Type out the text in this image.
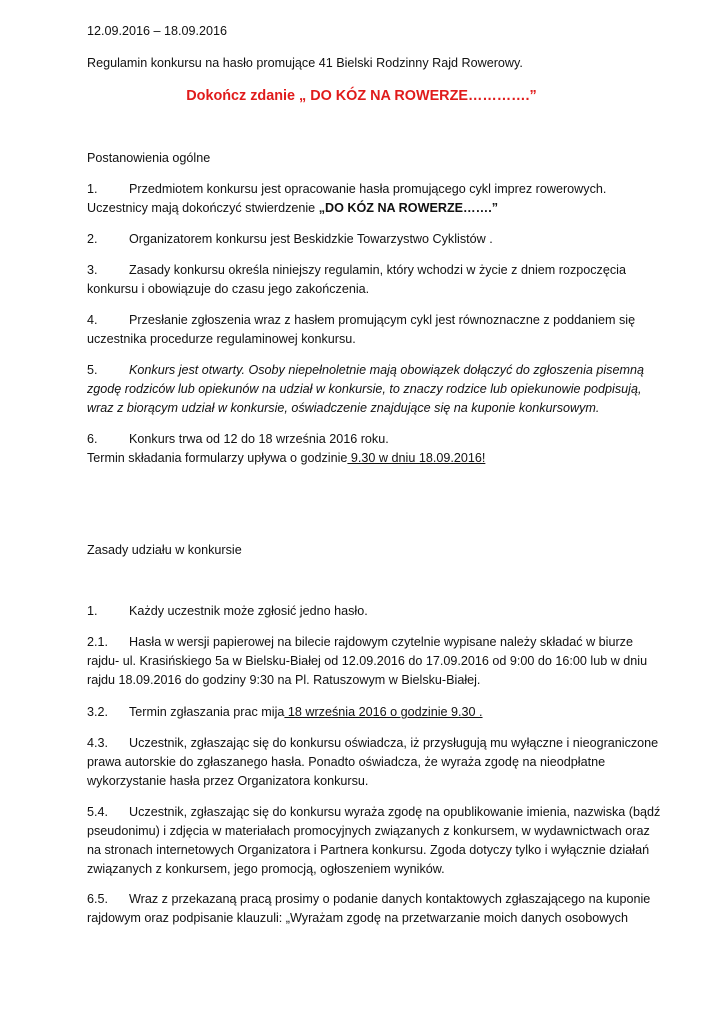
12.09.2016 – 18.09.2016
Regulamin konkursu na hasło promujące 41 Bielski Rodzinny Rajd Rowerowy.
Dokończ zdanie „ DO KÓZ NA ROWERZE………….”
Postanowienia ogólne
1. Przedmiotem konkursu jest opracowanie hasła promującego cykl imprez rowerowych.
Uczestnicy mają dokończyć stwierdzenie „DO KÓZ NA ROWERZE…….”
2. Organizatorem konkursu jest Beskidzkie Towarzystwo Cyklistów .
3. Zasady konkursu określa niniejszy regulamin, który wchodzi w życie z dniem rozpoczęcia
konkursu i obowiązuje do czasu jego zakończenia.
4. Przesłanie zgłoszenia wraz z hasłem promującym cykl jest równoznaczne z poddaniem się
uczestnika procedurze regulaminowej konkursu.
5. Konkurs jest otwarty. Osoby niepełnoletnie mają obowiązek dołączyć do zgłoszenia pisemną
zgodę rodziców lub opiekunów na udział w konkursie, to znaczy rodzice lub opiekunowie podpisują,
wraz z biorącym udział w konkursie, oświadczenie znajdujące się na kuponie konkursowym.
6. Konkurs trwa od 12 do 18 września 2016 roku.
Termin składania formularzy upływa o godzinie 9.30 w dniu 18.09.2016!
Zasady udziału w konkursie
1. Każdy uczestnik może zgłosić jedno hasło.
2.1. Hasła w wersji papierowej na bilecie rajdowym czytelnie wypisane należy składać w biurze
rajdu- ul. Krasińskiego 5a w Bielsku-Białej od 12.09.2016 do 17.09.2016 od 9:00 do 16:00 lub w dniu
rajdu 18.09.2016 do godziny 9:30 na Pl. Ratuszowym w Bielsku-Białej.
3.2. Termin zgłaszania prac mija 18 września 2016 o godzinie 9.30 .
4.3. Uczestnik, zgłaszając się do konkursu oświadcza, iż przysługują mu wyłączne i nieograniczone
prawa autorskie do zgłaszanego hasła. Ponadto oświadcza, że wyraża zgodę na nieodpłatne
wykorzystanie hasła przez Organizatora konkursu.
5.4. Uczestnik, zgłaszając się do konkursu wyraża zgodę na opublikowanie imienia, nazwiska (bądź
pseudonimu) i zdjęcia w materiałach promocyjnych związanych z konkursem, w wydawnictwach oraz
na stronach internetowych Organizatora i Partnera konkursu. Zgoda dotyczy tylko i wyłącznie działań
związanych z konkursem, jego promocją, ogłoszeniem wyników.
6.5. Wraz z przekazaną pracą prosimy o podanie danych kontaktowych zgłaszającego na kuponie
rajdowym oraz podpisanie klauzuli: „Wyrażam zgodę na przetwarzanie moich danych osobowych
